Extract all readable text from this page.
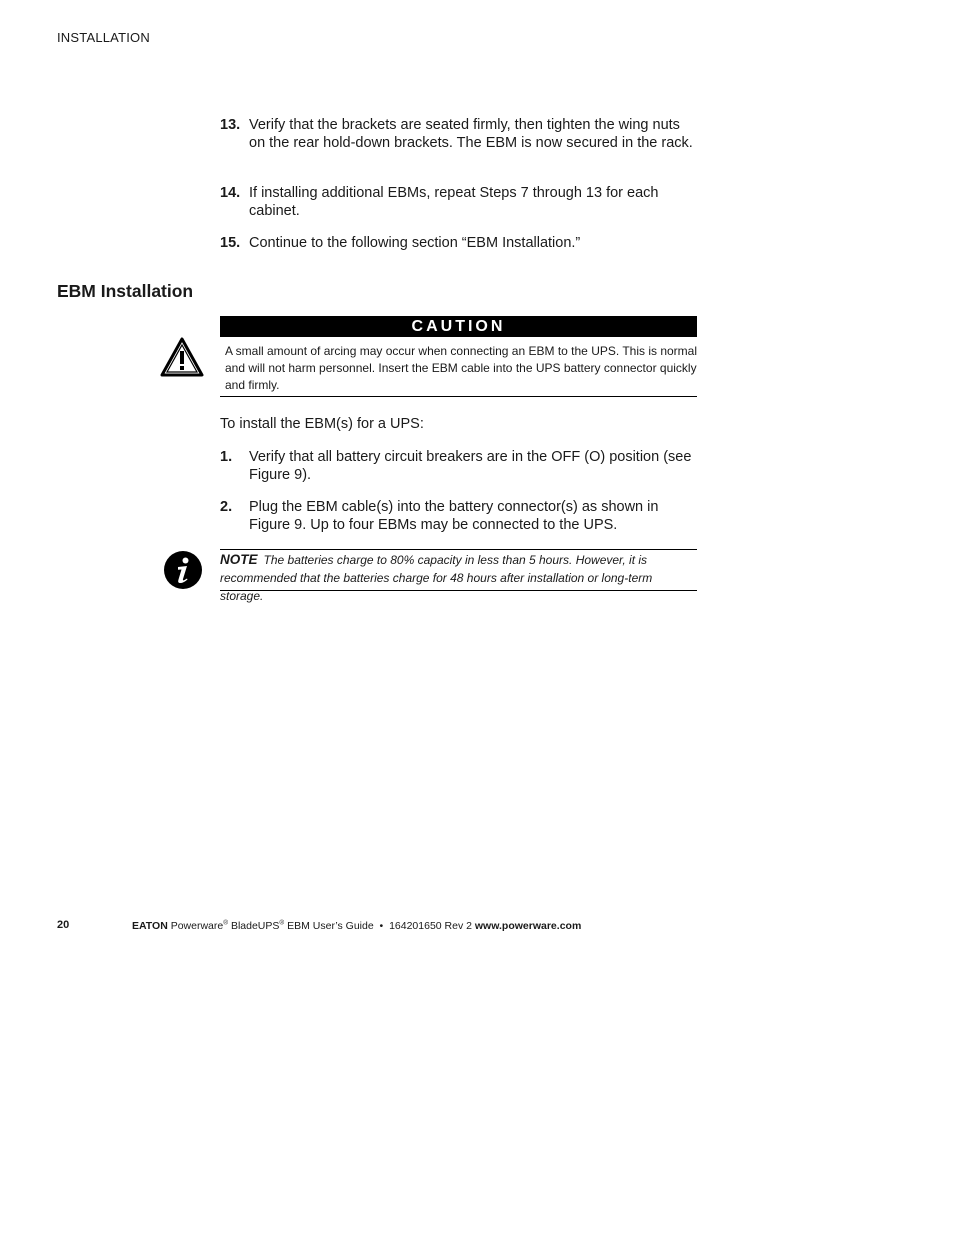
INSTALLATION
13. Verify that the brackets are seated firmly, then tighten the wing nuts on the rear hold-down brackets. The EBM is now secured in the rack.
14. If installing additional EBMs, repeat Steps 7 through 13 for each cabinet.
15. Continue to the following section “EBM Installation.”
EBM Installation
CAUTION
A small amount of arcing may occur when connecting an EBM to the UPS. This is normal and will not harm personnel. Insert the EBM cable into the UPS battery connector quickly and firmly.
To install the EBM(s) for a UPS:
1. Verify that all battery circuit breakers are in the OFF (O) position (see Figure 9).
2. Plug the EBM cable(s) into the battery connector(s) as shown in Figure 9. Up to four EBMs may be connected to the UPS.
NOTE The batteries charge to 80% capacity in less than 5 hours. However, it is recommended that the batteries charge for 48 hours after installation or long-term storage.
20	EATON Powerware® BladeUPS® EBM User’s Guide • 164201650 Rev 2 www.powerware.com
